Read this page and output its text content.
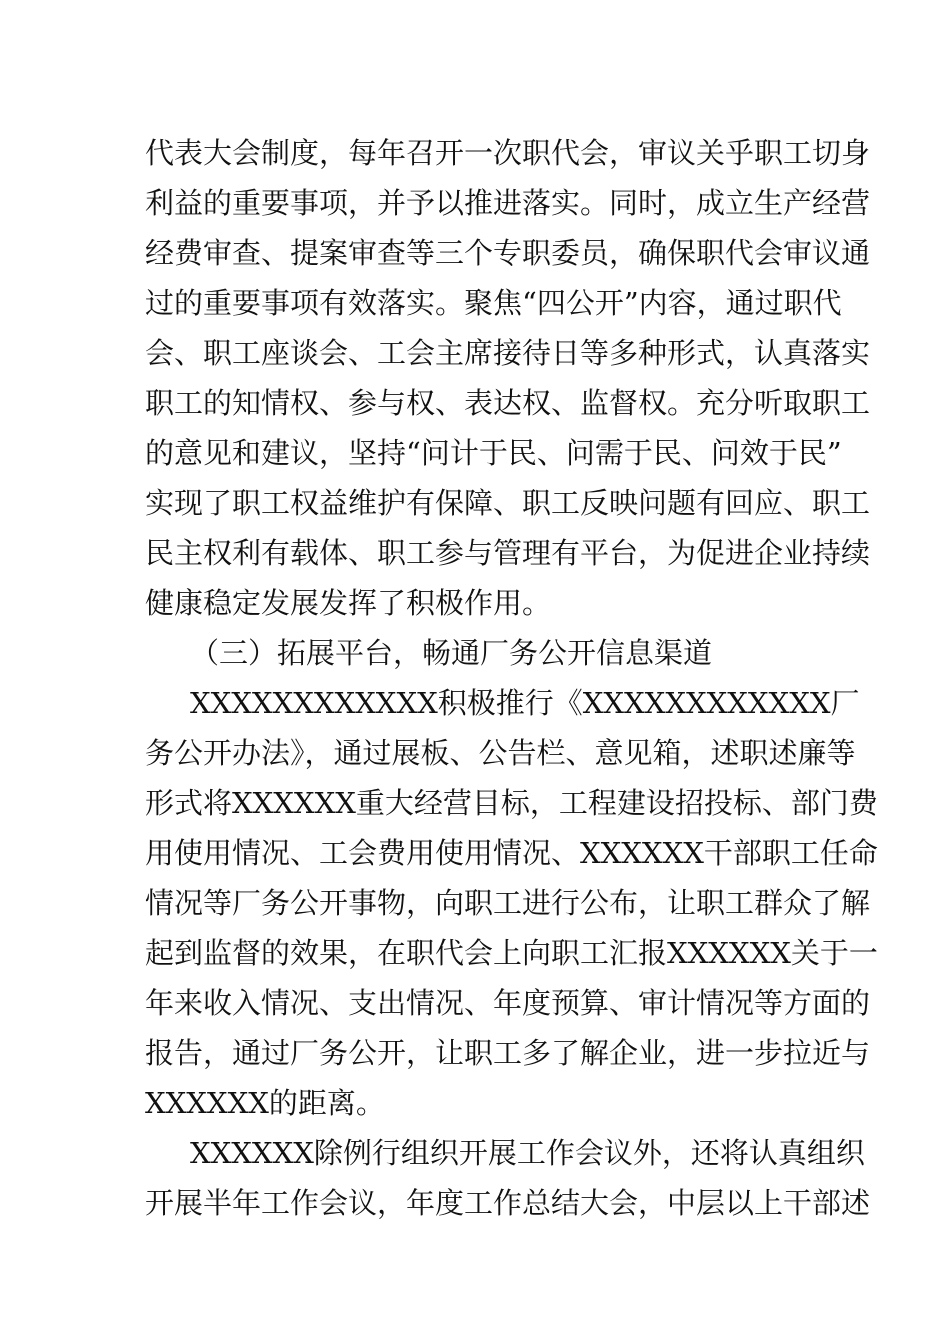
代表大会制度，每年召开一次职代会，审议关乎职工切身
利益的重要事项，并予以推进落实。同时，成立生产经营
经费审查、提案审查等三个专职委员，确保职代会审议通
过的重要事项有效落实。聚焦“四公开”内容，通过职代
会、职工座谈会、工会主席接待日等多种形式，认真落实
职工的知情权、参与权、表达权、监督权。充分听取职工
的意见和建议，坚持“问计于民、问需于民、问效于民”
实现了职工权益维护有保障、职工反映问题有回应、职工
民主权利有载体、职工参与管理有平台，为促进企业持续
健康稳定发展发挥了积极作用。
（三）拓展平台，畅通厂务公开信息渠道
XXXXXXXXXXXX积极推行《XXXXXXXXXXXX厂
务公开办法》，通过展板、公告栏、意见箱，述职述廉等
形式将XXXXXX重大经营目标，工程建设招投标、部门费
用使用情况、工会费用使用情况、XXXXXX干部职工任命
情况等厂务公开事物，向职工进行公布，让职工群众了解
起到监督的效果，在职代会上向职工汇报XXXXXX关于一
年来收入情况、支出情况、年度预算、审计情况等方面的
报告，通过厂务公开，让职工多了解企业，进一步拉近与
XXXXXX的距离。
XXXXXX除例行组织开展工作会议外，还将认真组织
开展半年工作会议，年度工作总结大会，中层以上干部述
